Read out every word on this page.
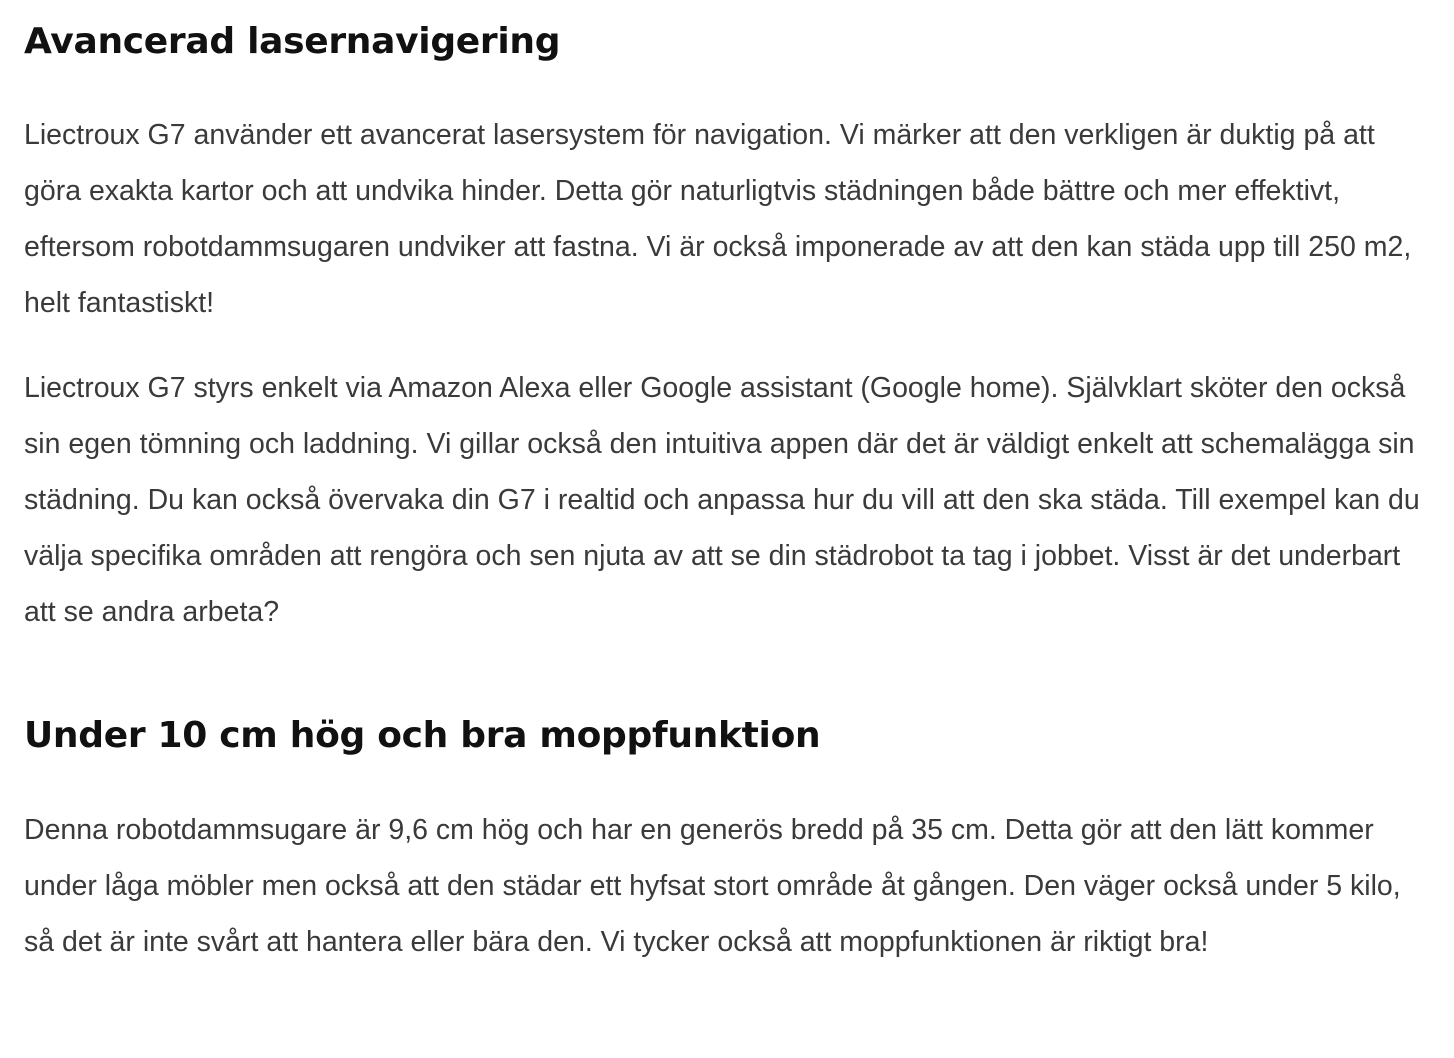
Avancerad lasernavigering

Liectroux G7 använder ett avancerat lasersystem för navigation. Vi märker att den verkligen är duktig på att göra exakta kartor och att undvika hinder. Detta gör naturligtvis städningen både bättre och mer effektivt, eftersom robotdammsugaren undviker att fastna. Vi är också imponerade av att den kan städa upp till 250 m2, helt fantastiskt!

Liectroux G7 styrs enkelt via Amazon Alexa eller Google assistant (Google home). Självklart sköter den också sin egen tömning och laddning. Vi gillar också den intuitiva appen där det är väldigt enkelt att schemalägga sin städning. Du kan också övervaka din G7 i realtid och anpassa hur du vill att den ska städa. Till exempel kan du välja specifika områden att rengöra och sen njuta av att se din städrobot ta tag i jobbet. Visst är det underbart att se andra arbeta?

Under 10 cm hög och bra moppfunktion

Denna robotdammsugare är 9,6 cm hög och har en generös bredd på 35 cm. Detta gör att den lätt kommer under låga möbler men också att den städar ett hyfsat stort område åt gången. Den väger också under 5 kilo, så det är inte svårt att hantera eller bära den. Vi tycker också att moppfunktionen är riktigt bra!
